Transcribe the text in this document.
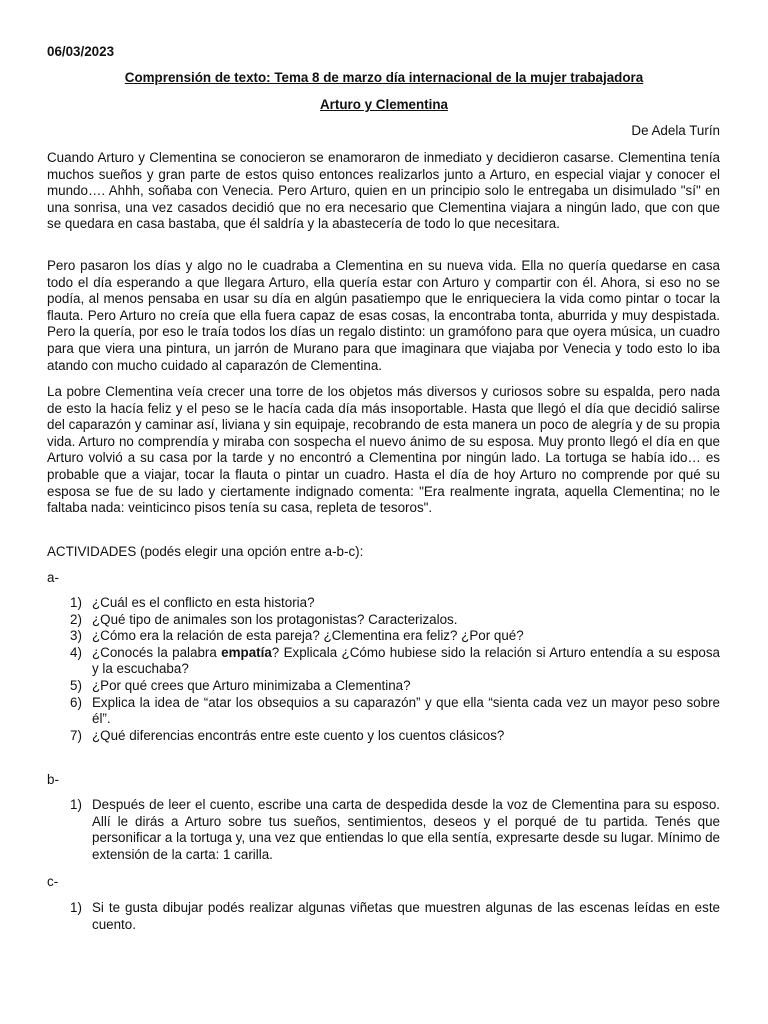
06/03/2023
Comprensión de texto: Tema 8 de marzo día internacional de la mujer trabajadora
Arturo y Clementina
De Adela Turín

Cuando Arturo y Clementina se conocieron se enamoraron de inmediato y decidieron casarse. Clementina tenía muchos sueños y gran parte de estos quiso entonces realizarlos junto a Arturo, en especial viajar y conocer el mundo…. Ahhh, soñaba con Venecia. Pero Arturo, quien en un principio solo le entregaba un disimulado "sí" en una sonrisa, una vez casados decidió que no era necesario que Clementina viajara a ningún lado, que con que se quedara en casa bastaba, que él saldría y la abastecería de todo lo que necesitara.

Pero pasaron los días y algo no le cuadraba a Clementina en su nueva vida. Ella no quería quedarse en casa todo el día esperando a que llegara Arturo, ella quería estar con Arturo y compartir con él. Ahora, si eso no se podía, al menos pensaba en usar su día en algún pasatiempo que le enriqueciera la vida como pintar o tocar la flauta. Pero Arturo no creía que ella fuera capaz de esas cosas, la encontraba tonta, aburrida y muy despistada. Pero la quería, por eso le traía todos los días un regalo distinto: un gramófono para que oyera música, un cuadro para que viera una pintura, un jarrón de Murano para que imaginara que viajaba por Venecia y todo esto lo iba atando con mucho cuidado al caparazón de Clementina.

La pobre Clementina veía crecer una torre de los objetos más diversos y curiosos sobre su espalda, pero nada de esto la hacía feliz y el peso se le hacía cada día más insoportable. Hasta que llegó el día que decidió salirse del caparazón y caminar así, liviana y sin equipaje, recobrando de esta manera un poco de alegría y de su propia vida. Arturo no comprendía y miraba con sospecha el nuevo ánimo de su esposa. Muy pronto llegó el día en que Arturo volvió a su casa por la tarde y no encontró a Clementina por ningún lado. La tortuga se había ido… es probable que a viajar, tocar la flauta o pintar un cuadro. Hasta el día de hoy Arturo no comprende por qué su esposa se fue de su lado y ciertamente indignado comenta: "Era realmente ingrata, aquella Clementina; no le faltaba nada: veinticinco pisos tenía su casa, repleta de tesoros".

ACTIVIDADES (podés elegir una opción entre a-b-c):
a-
1) ¿Cuál es el conflicto en esta historia?
2) ¿Qué tipo de animales son los protagonistas? Caracterizalos.
3) ¿Cómo era la relación de esta pareja? ¿Clementina era feliz? ¿Por qué?
4) ¿Conocés la palabra empatía? Explicala ¿Cómo hubiese sido la relación si Arturo entendía a su esposa y la escuchaba?
5) ¿Por qué crees que Arturo minimizaba a Clementina?
6) Explica la idea de “atar los obsequios a su caparazón” y que ella “sienta cada vez un mayor peso sobre él”.
7) ¿Qué diferencias encontrás entre este cuento y los cuentos clásicos?
b-
1) Después de leer el cuento, escribe una carta de despedida desde la voz de Clementina para su esposo. Allí le dirás a Arturo sobre tus sueños, sentimientos, deseos y el porqué de tu partida. Tenés que personificar a la tortuga y, una vez que entiendas lo que ella sentía, expresarte desde su lugar. Mínimo de extensión de la carta: 1 carilla.
c-
1) Si te gusta dibujar podés realizar algunas viñetas que muestren algunas de las escenas leídas en este cuento.
